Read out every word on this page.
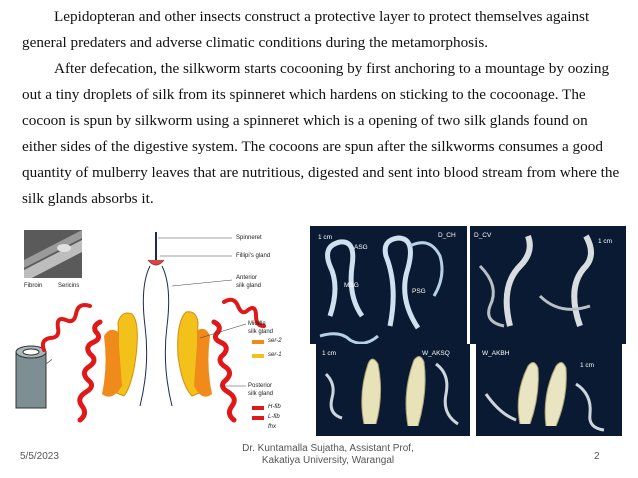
Lepidopteran and other insects construct a protective layer to protect themselves against general predaters and adverse climatic conditions during the metamorphosis.

After defecation, the silkworm starts cocooning by first anchoring to a mountage by oozing out a tiny droplets of silk from its spinneret which hardens on sticking to the cocoonage. The cocoon is spun by silkworm using a spinneret which is a opening of two silk glands found on either sides of the digestive system. The cocoons are spun after the silkworms consumes a good quantity of mulberry leaves that are nutritious, digested and sent into blood stream from where the silk glands absorbs it.

Fibroin	Sericins
Spinneret
Fillipi's gland
Anterior
silk gland
Middle
silk gland
ser-2
ser-1
Posterior
silk gland
H-fib
L-fib
fhx
1 cm	D_CH
ASG
MSG
PSG
D_CV
1 cm
1 cm	W_AKSQ	W_AKBH
1 cm
5/5/2023
Dr. Kuntamalla Sujatha, Assistant Prof,
Kakatiya University, Warangal	2
